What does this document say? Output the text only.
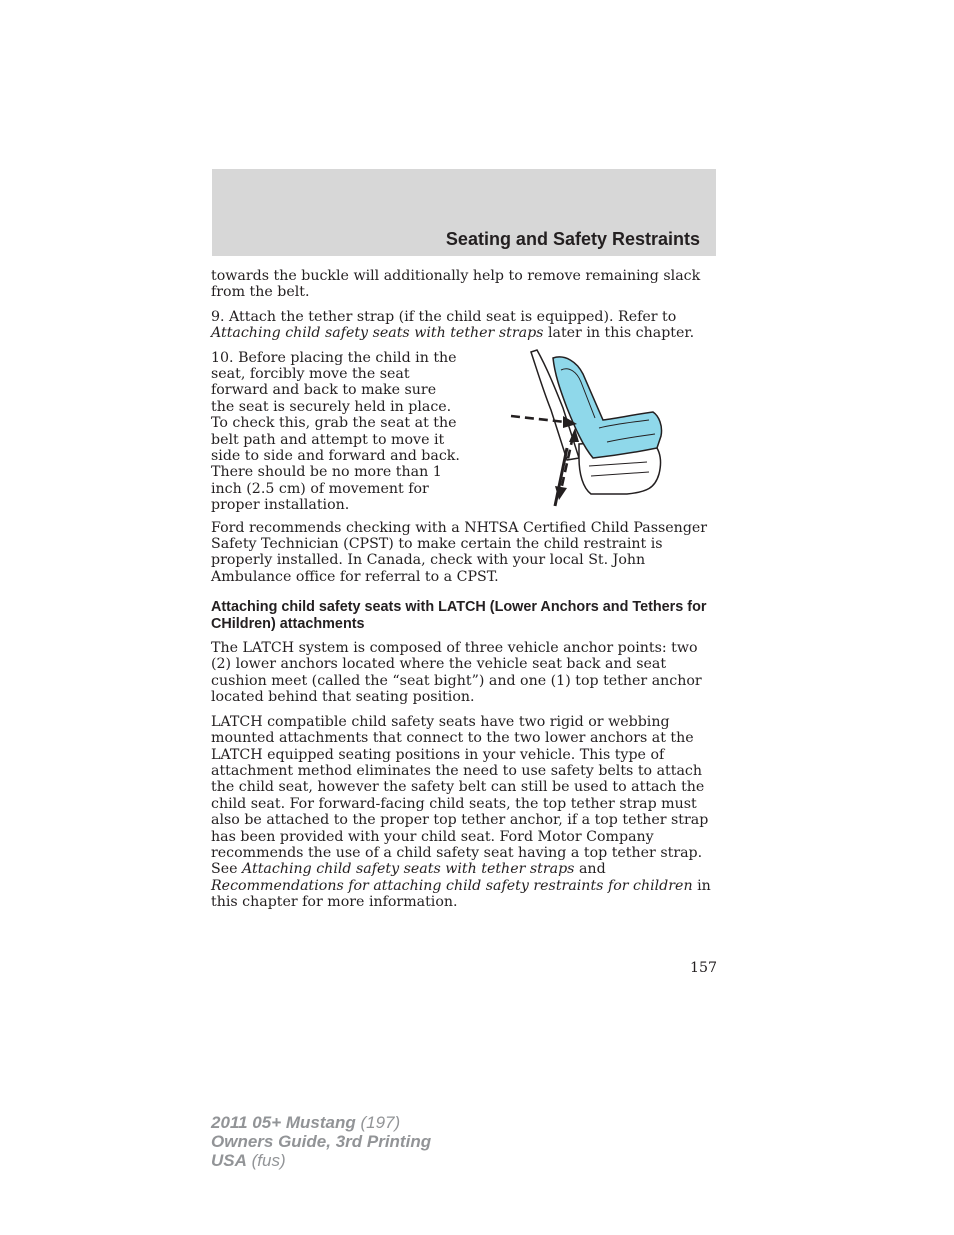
Seating and Safety Restraints

towards the buckle will additionally help to remove remaining slack from the belt.

9. Attach the tether strap (if the child seat is equipped). Refer to Attaching child safety seats with tether straps later in this chapter.

10. Before placing the child in the seat, forcibly move the seat forward and back to make sure the seat is securely held in place. To check this, grab the seat at the belt path and attempt to move it side to side and forward and back. There should be no more than 1 inch (2.5 cm) of movement for proper installation.

Ford recommends checking with a NHTSA Certified Child Passenger Safety Technician (CPST) to make certain the child restraint is properly installed. In Canada, check with your local St. John Ambulance office for referral to a CPST.

Attaching child safety seats with LATCH (Lower Anchors and Tethers for CHildren) attachments

The LATCH system is composed of three vehicle anchor points: two (2) lower anchors located where the vehicle seat back and seat cushion meet (called the “seat bight”) and one (1) top tether anchor located behind that seating position.

LATCH compatible child safety seats have two rigid or webbing mounted attachments that connect to the two lower anchors at the LATCH equipped seating positions in your vehicle. This type of attachment method eliminates the need to use safety belts to attach the child seat, however the safety belt can still be used to attach the child seat. For forward-facing child seats, the top tether strap must also be attached to the proper top tether anchor, if a top tether strap has been provided with your child seat. Ford Motor Company recommends the use of a child safety seat having a top tether strap. See Attaching child safety seats with tether straps and Recommendations for attaching child safety restraints for children in this chapter for more information.

157
2011 05+ Mustang (197)
Owners Guide, 3rd Printing
USA (fus)
